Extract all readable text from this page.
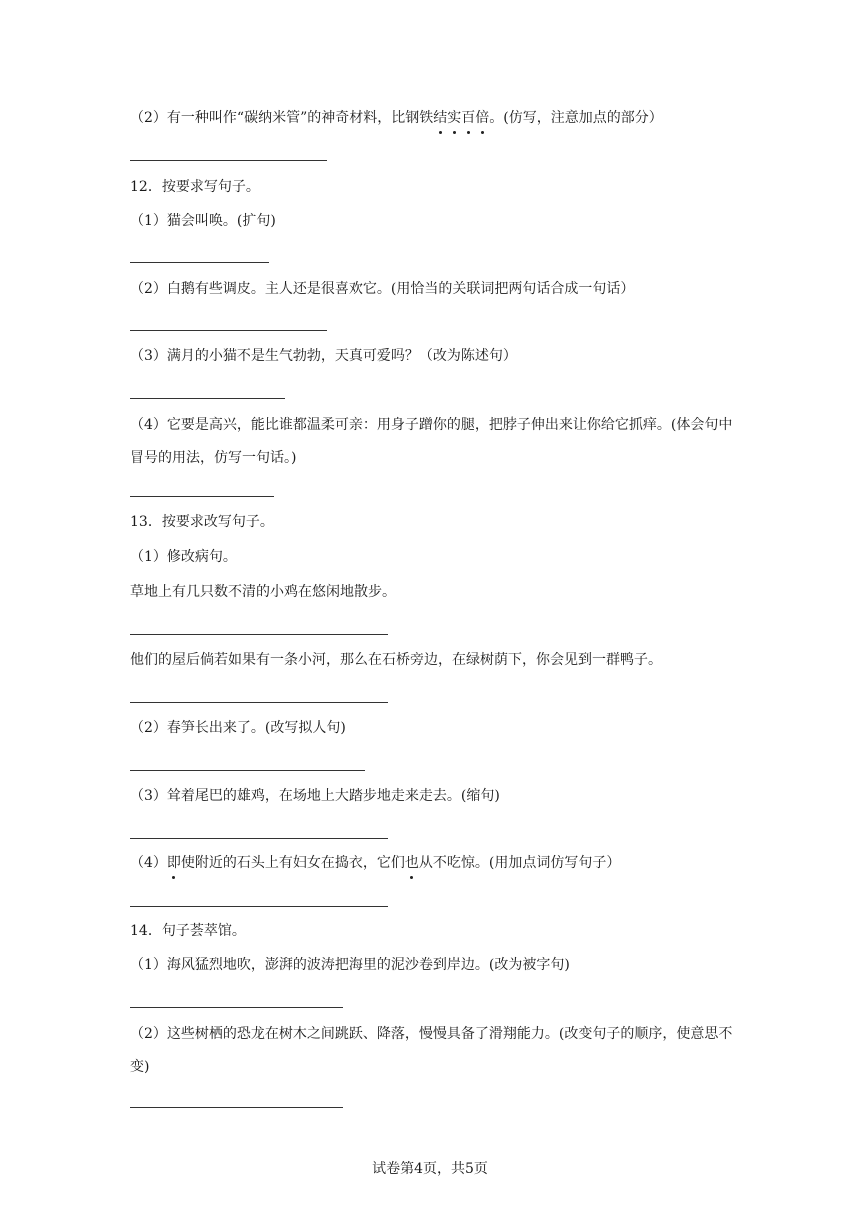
（2）有一种叫作“碳纳米管”的神奇材料，比钢铁结实百倍。(仿写，注意加点的部分）
12．按要求写句子。
（1）猫会叫唤。(扩句)
（2）白鹅有些调皮。主人还是很喜欢它。(用恰当的关联词把两句话合成一句话）
（3）满月的小猫不是生气勃勃，天真可爱吗？（改为陈述句）
（4）它要是高兴，能比谁都温柔可亲：用身子蹭你的腿，把脖子伸出来让你给它抓痒。(体会句中冒号的用法，仿写一句话。)
13．按要求改写句子。
（1）修改病句。
草地上有几只数不清的小鸡在悠闲地散步。
他们的屋后倘若如果有一条小河，那么在石桥旁边，在绿树荫下，你会见到一群鸭子。
（2）春笋长出来了。(改写拟人句)
（3）耸着尾巴的雄鸡，在场地上大踏步地走来走去。(缩句)
（4）即使附近的石头上有妇女在捣衣，它们也从不吃惊。(用加点词仿写句子）
14．句子荟萃馆。
（1）海风猛烈地吹，澎湃的波涛把海里的泥沙卷到岸边。(改为被字句)
（2）这些树栖的恐龙在树木之间跳跃、降落，慢慢具备了滑翔能力。(改变句子的顺序，使意思不变)
试卷第4页，共5页
